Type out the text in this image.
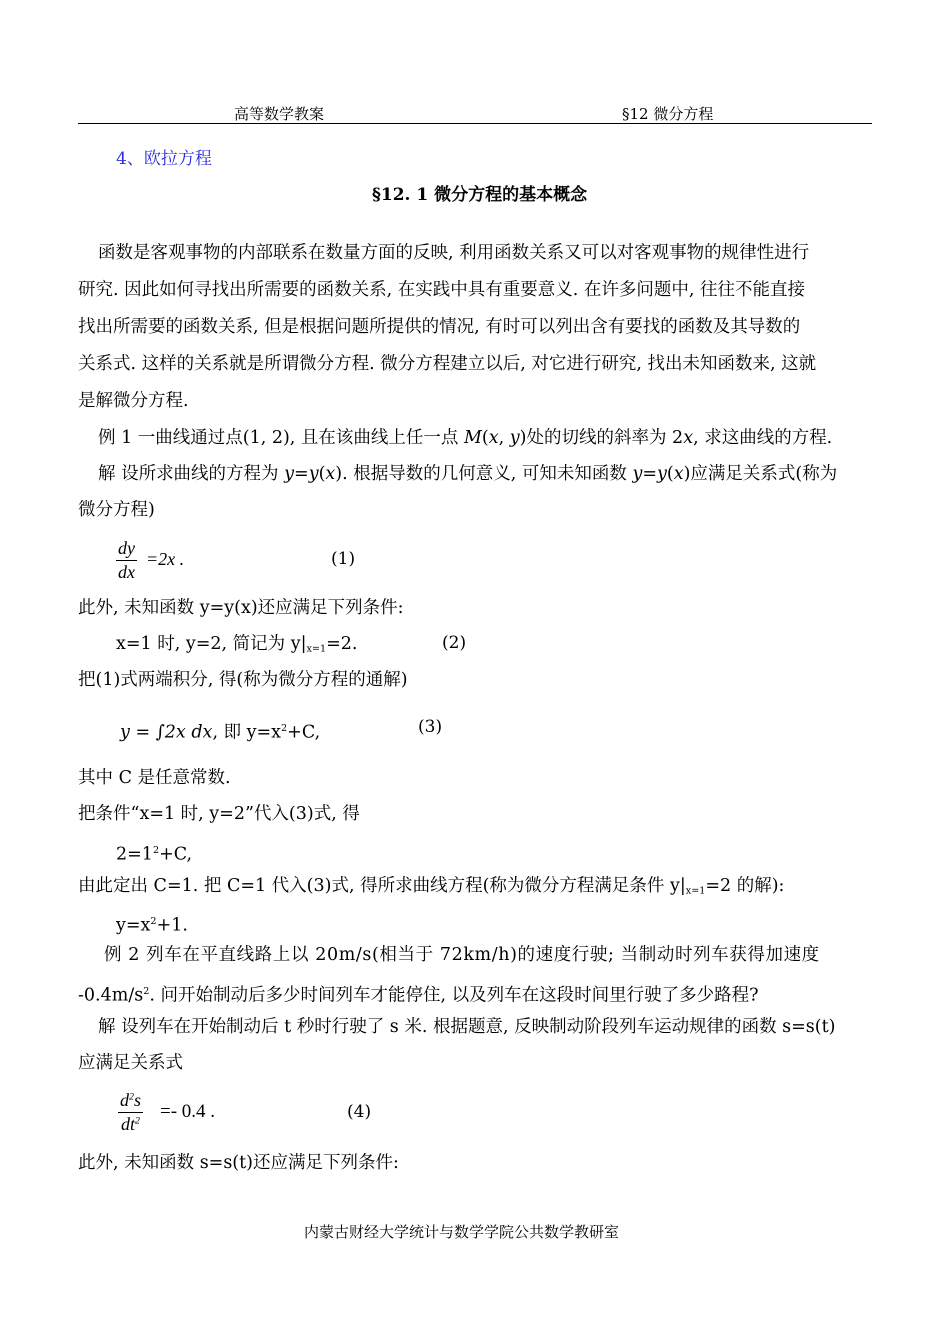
高等数学教案	§12 微分方程
4、欧拉方程
§12. 1 微分方程的基本概念
函数是客观事物的内部联系在数量方面的反映, 利用函数关系又可以对客观事物的规律性进行
研究. 因此如何寻找出所需要的函数关系, 在实践中具有重要意义. 在许多问题中, 往往不能直接
找出所需要的函数关系, 但是根据问题所提供的情况, 有时可以列出含有要找的函数及其导数的
关系式. 这样的关系就是所谓微分方程. 微分方程建立以后, 对它进行研究, 找出未知函数来, 这就
是解微分方程.
例 1 一曲线通过点(1, 2), 且在该曲线上任一点 M(x, y)处的切线的斜率为 2x, 求这曲线的方程.
解 设所求曲线的方程为 y=y(x). 根据导数的几何意义, 可知未知函数 y=y(x)应满足关系式(称为
微分方程)
$\frac{dy}{dx} =2x$ .	(1)
此外, 未知函数 y=y(x)还应满足下列条件:
x=1 时, y=2, 简记为 $y|_{x=1}=2$.	(2)
把(1)式两端积分, 得(称为微分方程的通解)
y = ∫2x dx, 即 $y=x^2+C$,	(3)
其中 C 是任意常数.
把条件“x=1 时, y=2”代入(3)式, 得
$2=1^2+C$,
由此定出 C=1. 把 C=1 代入(3)式, 得所求曲线方程(称为微分方程满足条件 $y|_{x=1}=2$ 的解):
$y=x^2+1$.
例 2 列车在平直线路上以 20m/s(相当于 72km/h)的速度行驶; 当制动时列车获得加速度
$-0.4m/s^2$. 问开始制动后多少时间列车才能停住, 以及列车在这段时间里行驶了多少路程?
解 设列车在开始制动后 t 秒时行驶了 s 米. 根据题意, 反映制动阶段列车运动规律的函数 s=s(t)
应满足关系式
$\frac{d^2s}{dt^2} =- 0.4$ .	(4)
此外, 未知函数 s=s(t)还应满足下列条件:
内蒙古财经大学统计与数学学院公共数学教研室
